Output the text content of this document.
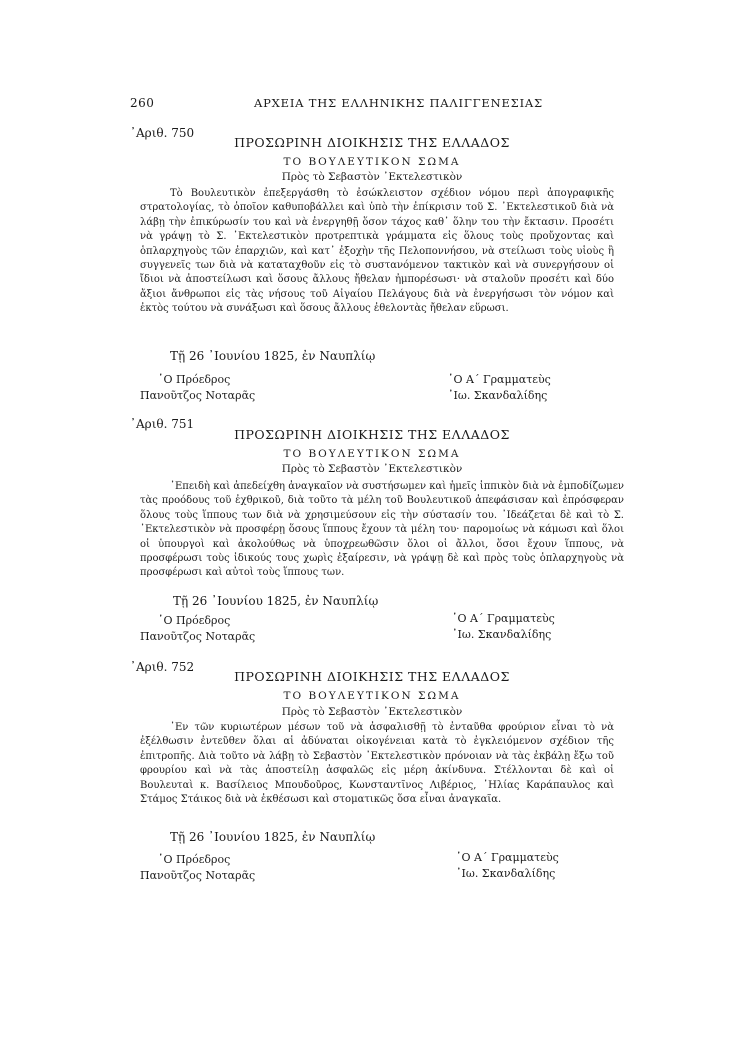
260	ΑΡΧΕΙΑ ΤΗΣ ΕΛΛΗΝΙΚΗΣ ΠΑΛΙΓΓΕΝΕΣΙΑΣ
᾿Αριθ. 750
ΠΡΟΣΩΡΙΝΗ ΔΙΟΙΚΗΣΙΣ ΤΗΣ ΕΛΛΑΔΟΣ
ΤΟ ΒΟΥΛΕΥΤΙΚΟΝ ΣΩΜΑ
Πρὸς τὸ Σεβαστὸν ᾿Εκτελεστικὸν

Τὸ Βουλευτικὸν ἐπεξεργάσθη τὸ ἐσώκλειστον σχέδιον νόμου περὶ ἀπογραφικῆς στρατολογίας, τὸ ὁποῖον καθυποβάλλει καὶ ὑπὸ τὴν ἐπίκρισιν τοῦ Σ. ᾿Εκτελεστικοῦ διὰ νὰ λάβῃ τὴν ἐπικύρωσίν του καὶ νὰ ἐνεργηθῇ ὅσον τάχος καθ᾿ ὅλην του τὴν ἔκτασιν. Προσέτι νὰ γράψῃ τὸ Σ. ᾿Εκτελεστικὸν προτρεπτικὰ γράμματα εἰς ὅλους τοὺς προὔχοντας καὶ ὁπλαρχηγοὺς τῶν ἐπαρχιῶν, καὶ κατ᾿ ἐξοχὴν τῆς Πελοποννήσου, νὰ στείλωσι τοὺς υἱοὺς ἢ συγγενεῖς των διὰ νὰ καταταχθοῦν εἰς τὸ συστανόμενον τακτικὸν καὶ νὰ συνεργήσουν οἱ ἴδιοι νὰ ἀποστείλωσι καὶ ὅσους ἄλλους ἤθελαν ἠμπορέσωσι· νὰ σταλοῦν προσέτι καὶ δύο ἄξιοι ἄνθρωποι εἰς τὰς νήσους τοῦ Αἰγαίου Πελάγους διὰ νὰ ἐνεργήσωσι τὸν νόμον καὶ ἐκτὸς τούτου νὰ συνάξωσι καὶ ὅσους ἄλλους ἐθελοντὰς ἤθελαν εὕρωσι.

Τῇ 26 ᾿Ιουνίου 1825, ἐν Ναυπλίῳ
῾Ο Πρόεδρος
Πανοῦτζος Νοταρᾶς
῾Ο Α΄ Γραμματεὺς
᾿Ιω. Σκανδαλίδης
᾿Αριθ. 751
ΠΡΟΣΩΡΙΝΗ ΔΙΟΙΚΗΣΙΣ ΤΗΣ ΕΛΛΑΔΟΣ
ΤΟ ΒΟΥΛΕΥΤΙΚΟΝ ΣΩΜΑ
Πρὸς τὸ Σεβαστὸν ᾿Εκτελεστικὸν

᾿Επειδὴ καὶ ἀπεδείχθη ἀναγκαῖον νὰ συστήσωμεν καὶ ἡμεῖς ἱππικὸν διὰ νὰ ἐμποδίζωμεν τὰς προόδους τοῦ ἐχθρικοῦ, διὰ τοῦτο τὰ μέλη τοῦ Βουλευτικοῦ ἀπεφάσισαν καὶ ἐπρόσφεραν ὅλους τοὺς ἵππους των διὰ νὰ χρησιμεύσουν εἰς τὴν σύστασίν του. ᾿Ιδεάζεται δὲ καὶ τὸ Σ. ᾿Εκτελεστικὸν νὰ προσφέρῃ ὅσους ἵππους ἔχουν τὰ μέλη του· παρομοίως νὰ κάμωσι καὶ ὅλοι οἱ ὑπουργοὶ καὶ ἀκολούθως νὰ ὑποχρεωθῶσιν ὅλοι οἱ ἄλλοι, ὅσοι ἔχουν ἵππους, νὰ προσφέρωσι τοὺς ἰδικούς τους χωρὶς ἐξαίρεσιν, νὰ γράψῃ δὲ καὶ πρὸς τοὺς ὁπλαρχηγοὺς νὰ προσφέρωσι καὶ αὐτοὶ τοὺς ἵππους των.

Τῇ 26 ᾿Ιουνίου 1825, ἐν Ναυπλίῳ
῾Ο Πρόεδρος
Πανοῦτζος Νοταρᾶς
῾Ο Α΄ Γραμματεὺς
᾿Ιω. Σκανδαλίδης
᾿Αριθ. 752
ΠΡΟΣΩΡΙΝΗ ΔΙΟΙΚΗΣΙΣ ΤΗΣ ΕΛΛΑΔΟΣ
ΤΟ ΒΟΥΛΕΥΤΙΚΟΝ ΣΩΜΑ
Πρὸς τὸ Σεβαστὸν ᾿Εκτελεστικὸν

᾿Εν τῶν κυριωτέρων μέσων τοῦ νὰ ἀσφαλισθῇ τὸ ἐνταῦθα φρούριον εἶναι τὸ νὰ ἐξέλθωσιν ἐντεῦθεν ὅλαι αἱ ἀδύναται οἰκογένειαι κατὰ τὸ ἐγκλειόμενον σχέδιον τῆς ἐπιτροπῆς. Διὰ τοῦτο νὰ λάβῃ τὸ Σεβαστὸν ᾿Εκτελεστικὸν πρόνοιαν νὰ τὰς ἐκβάλῃ ἔξω τοῦ φρουρίου καὶ νὰ τὰς ἀποστείλῃ ἀσφαλῶς εἰς μέρη ἀκίνδυνα. Στέλλονται δὲ καὶ οἱ Βουλευταὶ κ. Βασίλειος Μπουδοῦρος, Κωνσταντῖνος Λιβέριος, ῾Ηλίας Καράπαυλος καὶ Στάμος Στάικος διὰ νὰ ἐκθέσωσι καὶ στοματικῶς ὅσα εἶναι ἀναγκαῖα.

Τῇ 26 ᾿Ιουνίου 1825, ἐν Ναυπλίῳ
῾Ο Πρόεδρος
Πανοῦτζος Νοταρᾶς
῾Ο Α΄ Γραμματεὺς
᾿Ιω. Σκανδαλίδης
